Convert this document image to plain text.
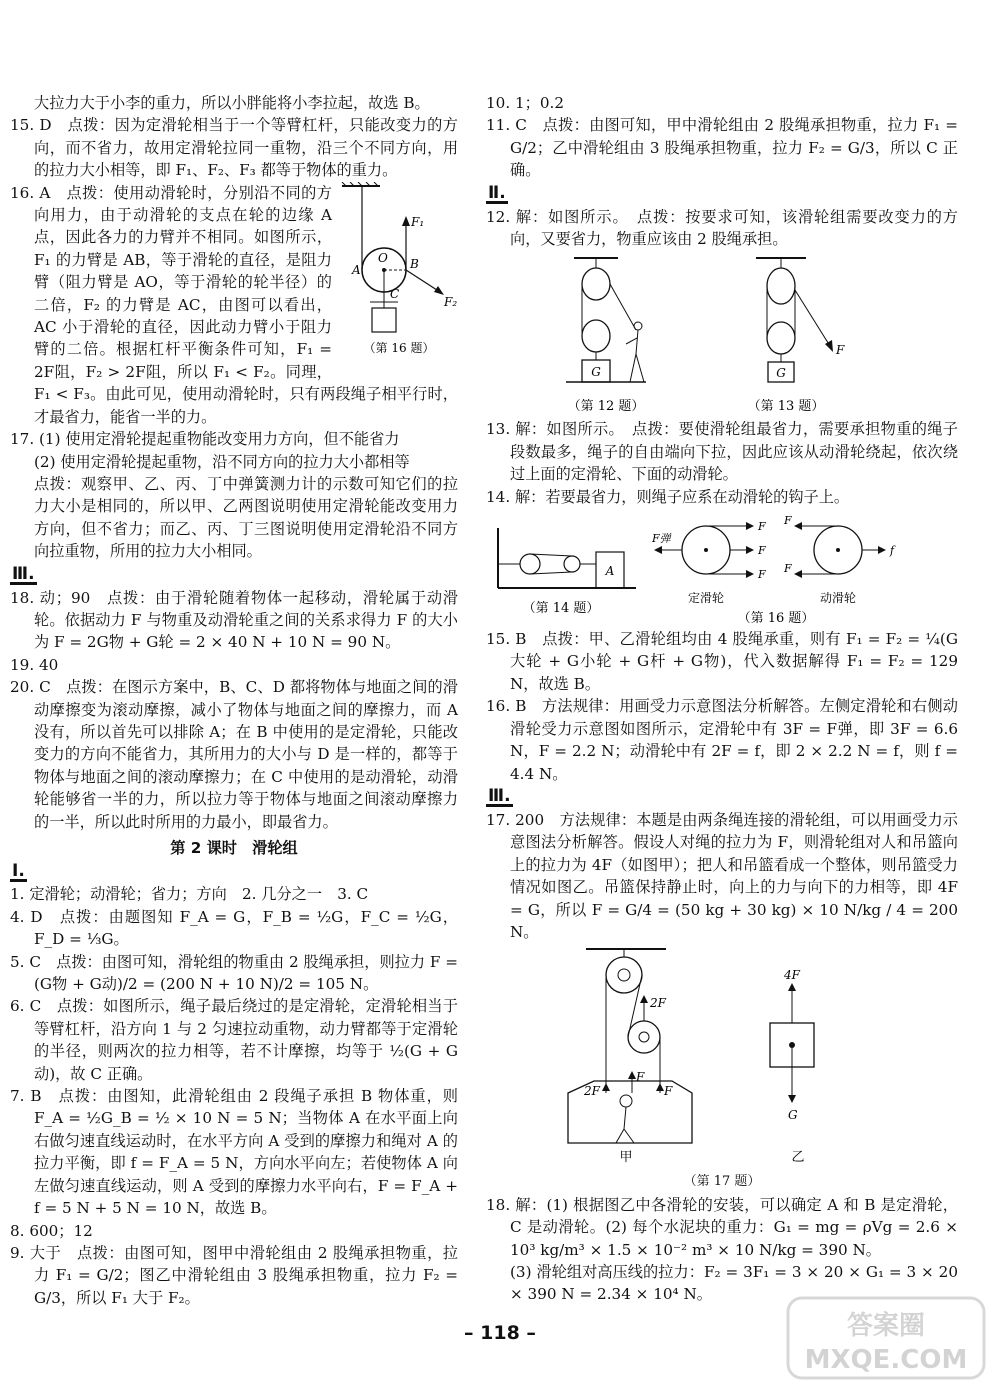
大拉力大于小李的重力，所以小胖能将小李拉起，故选 B。

15. D　点拨：因为定滑轮相当于一个等臂杠杆，只能改变力的方向，而不省力，故用定滑轮拉同一重物，沿三个不同方向，用的拉力大小相等，即 F₁、F₂、F₃ 都等于物体的重力。

F₁
F₂
O
A	B
C
（第 16 题）

16. A　点拨：使用动滑轮时，分别沿不同的方向用力，由于动滑轮的支点在轮的边缘 A 点，因此各力的力臂并不相同。如图所示，F₁ 的力臂是 AB，等于滑轮的直径，是阻力臂（阻力臂是 AO，等于滑轮的轮半径）的二倍，F₂ 的力臂是 AC，由图可以看出，AC 小于滑轮的直径，因此动力臂小于阻力臂的二倍。根据杠杆平衡条件可知，F₁ = 2F阻，F₂ > 2F阻，所以 F₁ < F₂。同理，F₁ < F₃。由此可见，使用动滑轮时，只有两段绳子相平行时，才最省力，能省一半的力。

17. (1) 使用定滑轮提起重物能改变用力方向，但不能省力

(2) 使用定滑轮提起重物，沿不同方向的拉力大小都相等

点拨：观察甲、乙、丙、丁中弹簧测力计的示数可知它们的拉力大小是相同的，所以甲、乙两图说明使用定滑轮能改变用力方向，但不省力；而乙、丙、丁三图说明使用定滑轮沿不同方向拉重物，所用的拉力大小相同。

Ⅲ.

18. 动；90　点拨：由于滑轮随着物体一起移动，滑轮属于动滑轮。依据动力 F 与物重及动滑轮重之间的关系求得力 F 的大小为 F = 2G物 + G轮 = 2 × 40 N + 10 N = 90 N。

19. 40

20. C　点拨：在图示方案中，B、C、D 都将物体与地面之间的滑动摩擦变为滚动摩擦，减小了物体与地面之间的摩擦力，而 A 没有，所以首先可以排除 A；在 B 中使用的是定滑轮，只能改变力的方向不能省力，其所用力的大小与 D 是一样的，都等于物体与地面之间的滚动摩擦力；在 C 中使用的是动滑轮，动滑轮能够省一半的力，所以拉力等于物体与地面之间滚动摩擦力的一半，所以此时所用的力最小，即最省力。

第 2 课时　滑轮组
Ⅰ.

1. 定滑轮；动滑轮；省力；方向　2. 几分之一　3. C

4. D　点拨：由题图知 F_A = G，F_B = ½G，F_C = ½G，F_D = ⅓G。

5. C　点拨：由图可知，滑轮组的物重由 2 股绳承担，则拉力 F = (G物 + G动)/2 = (200 N + 10 N)/2 = 105 N。

6. C　点拨：如图所示，绳子最后绕过的是定滑轮，定滑轮相当于等臂杠杆，沿方向 1 与 2 匀速拉动重物，动力臂都等于定滑轮的半径，则两次的拉力相等，若不计摩擦，均等于 ½(G + G动)，故 C 正确。

7. B　点拨：由图知，此滑轮组由 2 段绳子承担 B 物体重，则 F_A = ½G_B = ½ × 10 N = 5 N；当物体 A 在水平面上向右做匀速直线运动时，在水平方向 A 受到的摩擦力和绳对 A 的拉力平衡，即 f = F_A = 5 N，方向水平向左；若使物体 A 向左做匀速直线运动，则 A 受到的摩擦力水平向右，F = F_A + f = 5 N + 5 N = 10 N，故选 B。

8. 600；12

9. 大于　点拨：由图可知，图甲中滑轮组由 2 股绳承担物重，拉力 F₁ = G/2；图乙中滑轮组由 3 股绳承担物重，拉力 F₂ = G/3，所以 F₁ 大于 F₂。

10. 1；0.2

11. C　点拨：由图可知，甲中滑轮组由 2 股绳承担物重，拉力 F₁ = G/2；乙中滑轮组由 3 股绳承担物重，拉力 F₂ = G/3，所以 C 正确。

Ⅱ.

12. 解：如图所示。　点拨：按要求可知，该滑轮组需要改变力的方向，又要省力，物重应该由 2 股绳承担。

G
（第 12 题）
F
G
（第 13 题）

13. 解：如图所示。　点拨：要使滑轮组最省力，需要承担物重的绳子段数最多，绳子的自由端向下拉，因此应该从动滑轮绕起，依次绕过上面的定滑轮、下面的动滑轮。

14. 解：若要最省力，则绳子应系在动滑轮的钩子上。

A
（第 14 题）
F弹
F
F
F
定滑轮
F
F
f
动滑轮
（第 16 题）

15. B　点拨：甲、乙滑轮组均由 4 股绳承重，则有 F₁ = F₂ = ¼(G大轮 + G小轮 + G杆 + G物)，代入数据解得 F₁ = F₂ = 129 N，故选 B。

16. B　方法规律：用画受力示意图法分析解答。左侧定滑轮和右侧动滑轮受力示意图如图所示，定滑轮中有 3F = F弹，即 3F = 6.6 N，F = 2.2 N；动滑轮中有 2F = f，即 2 × 2.2 N = f，则 f = 4.4 N。

Ⅲ.

17. 200　方法规律：本题是由两条绳连接的滑轮组，可以用画受力示意图法分析解答。假设人对绳的拉力为 F，则滑轮组对人和吊篮向上的拉力为 4F（如图甲）；把人和吊篮看成一个整体，则吊篮受力情况如图乙。吊篮保持静止时，向上的力与向下的力相等，即 4F = G，所以 F = G/4 = (50 kg + 30 kg) × 10 N/kg / 4 = 200 N。

2F
2F
F
F
甲
4F
G
乙
（第 17 题）

18. 解：(1) 根据图乙中各滑轮的安装，可以确定 A 和 B 是定滑轮，C 是动滑轮。(2) 每个水泥块的重力：G₁ = mg = ρVg = 2.6 × 10³ kg/m³ × 1.5 × 10⁻² m³ × 10 N/kg = 390 N。

(3) 滑轮组对高压线的拉力：F₂ = 3F₁ = 3 × 20 × G₁ = 3 × 20 × 390 N = 2.34 × 10⁴ N。

– 118 –	答案圈
MXQE.COM
